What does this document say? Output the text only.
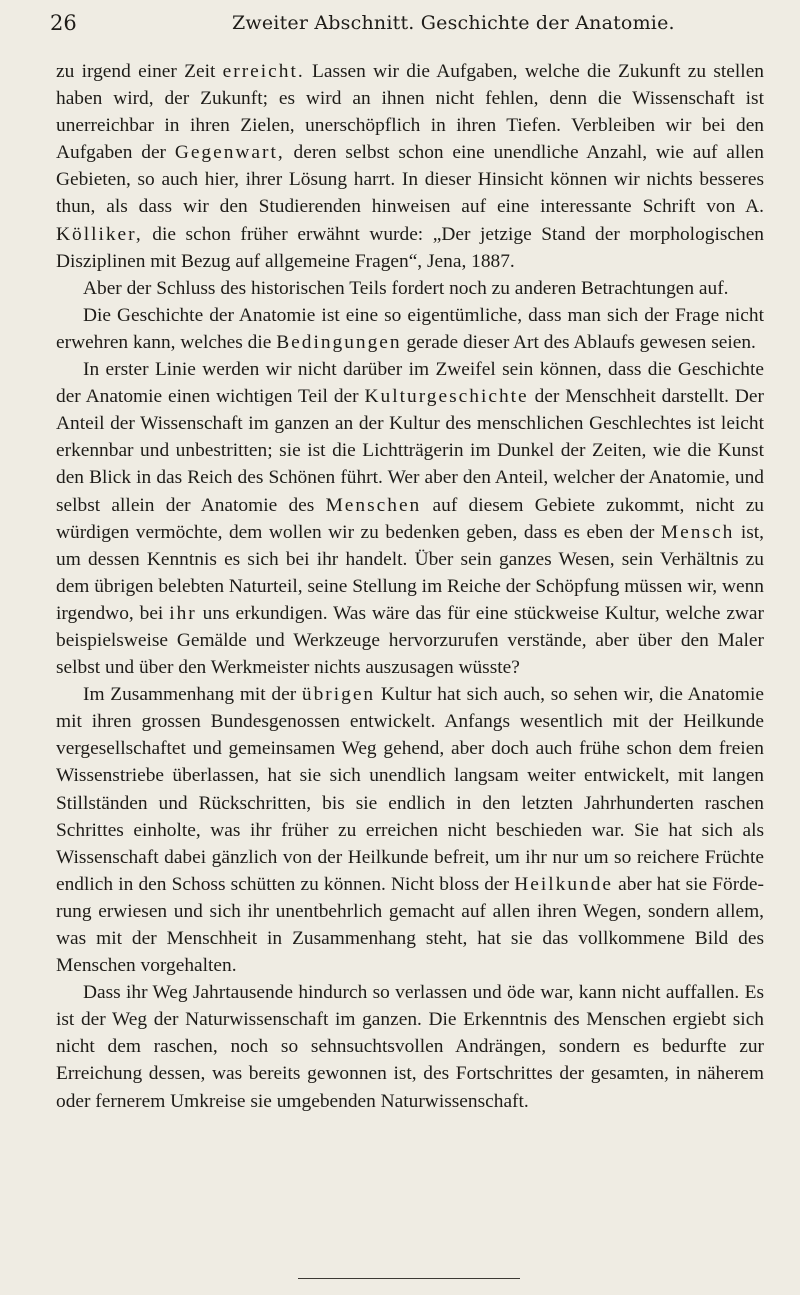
26	Zweiter Abschnitt. Geschichte der Anatomie.

zu irgend einer Zeit erreicht. Lassen wir die Aufgaben, welche die Zukunft zu stellen haben wird, der Zukunft; es wird an ihnen nicht fehlen, denn die Wissenschaft ist unerreichbar in ihren Zielen, unerschöpflich in ihren Tiefen. Verbleiben wir bei den Aufgaben der Gegenwart, deren selbst schon eine unendliche Anzahl, wie auf allen Gebieten, so auch hier, ihrer Lösung harrt. In dieser Hinsicht können wir nichts besseres thun, als dass wir den Studierenden hinweisen auf eine interessante Schrift von A. Kölliker, die schon früher erwähnt wurde: „Der jetzige Stand der morphologischen Disziplinen mit Bezug auf allgemeine Fragen“, Jena, 1887.

Aber der Schluss des historischen Teils fordert noch zu anderen Betrachtungen auf.

Die Geschichte der Anatomie ist eine so eigentümliche, dass man sich der Frage nicht erwehren kann, welches die Bedingungen gerade dieser Art des Ablaufs gewesen seien.

In erster Linie werden wir nicht darüber im Zweifel sein können, dass die Geschichte der Anatomie einen wichtigen Teil der Kulturgeschichte der Menschheit darstellt. Der Anteil der Wissenschaft im ganzen an der Kultur des menschlichen Geschlechtes ist leicht erkennbar und unbestritten; sie ist die Lichtträgerin im Dunkel der Zeiten, wie die Kunst den Blick in das Reich des Schönen führt. Wer aber den Anteil, welcher der Anatomie, und selbst allein der Anatomie des Menschen auf diesem Gebiete zukommt, nicht zu würdigen vermöchte, dem wollen wir zu bedenken geben, dass es eben der Mensch ist, um dessen Kenntnis es sich bei ihr handelt. Über sein ganzes Wesen, sein Verhältnis zu dem übrigen belebten Naturteil, seine Stellung im Reiche der Schöpfung müssen wir, wenn irgendwo, bei ihr uns erkundigen. Was wäre das für eine stückweise Kultur, welche zwar beispielsweise Gemälde und Werkzeuge hervorzurufen verstände, aber über den Maler selbst und über den Werkmeister nichts auszusagen wüsste?

Im Zusammenhang mit der übrigen Kultur hat sich auch, so sehen wir, die Anatomie mit ihren grossen Bundesgenossen entwickelt. Anfangs wesentlich mit der Heilkunde vergesellschaftet und gemeinsamen Weg gehend, aber doch auch frühe schon dem freien Wissenstriebe überlassen, hat sie sich unendlich langsam weiter entwickelt, mit langen Stillständen und Rückschritten, bis sie endlich in den letzten Jahrhunderten raschen Schrittes einholte, was ihr früher zu erreichen nicht beschieden war. Sie hat sich als Wissenschaft dabei gänzlich von der Heilkunde befreit, um ihr nur um so reichere Früchte endlich in den Schoss schütten zu können. Nicht bloss der Heilkunde aber hat sie Förderung erwiesen und sich ihr unentbehrlich gemacht auf allen ihren Wegen, sondern allem, was mit der Menschheit in Zusammenhang steht, hat sie das vollkommene Bild des Menschen vorgehalten.

Dass ihr Weg Jahrtausende hindurch so verlassen und öde war, kann nicht auffallen. Es ist der Weg der Naturwissenschaft im ganzen. Die Erkenntnis des Menschen ergiebt sich nicht dem raschen, noch so sehnsuchtsvollen Andrängen, sondern es bedurfte zur Erreichung dessen, was bereits gewonnen ist, des Fortschrittes der gesamten, in näherem oder fernerem Umkreise sie umgebenden Naturwissenschaft.
